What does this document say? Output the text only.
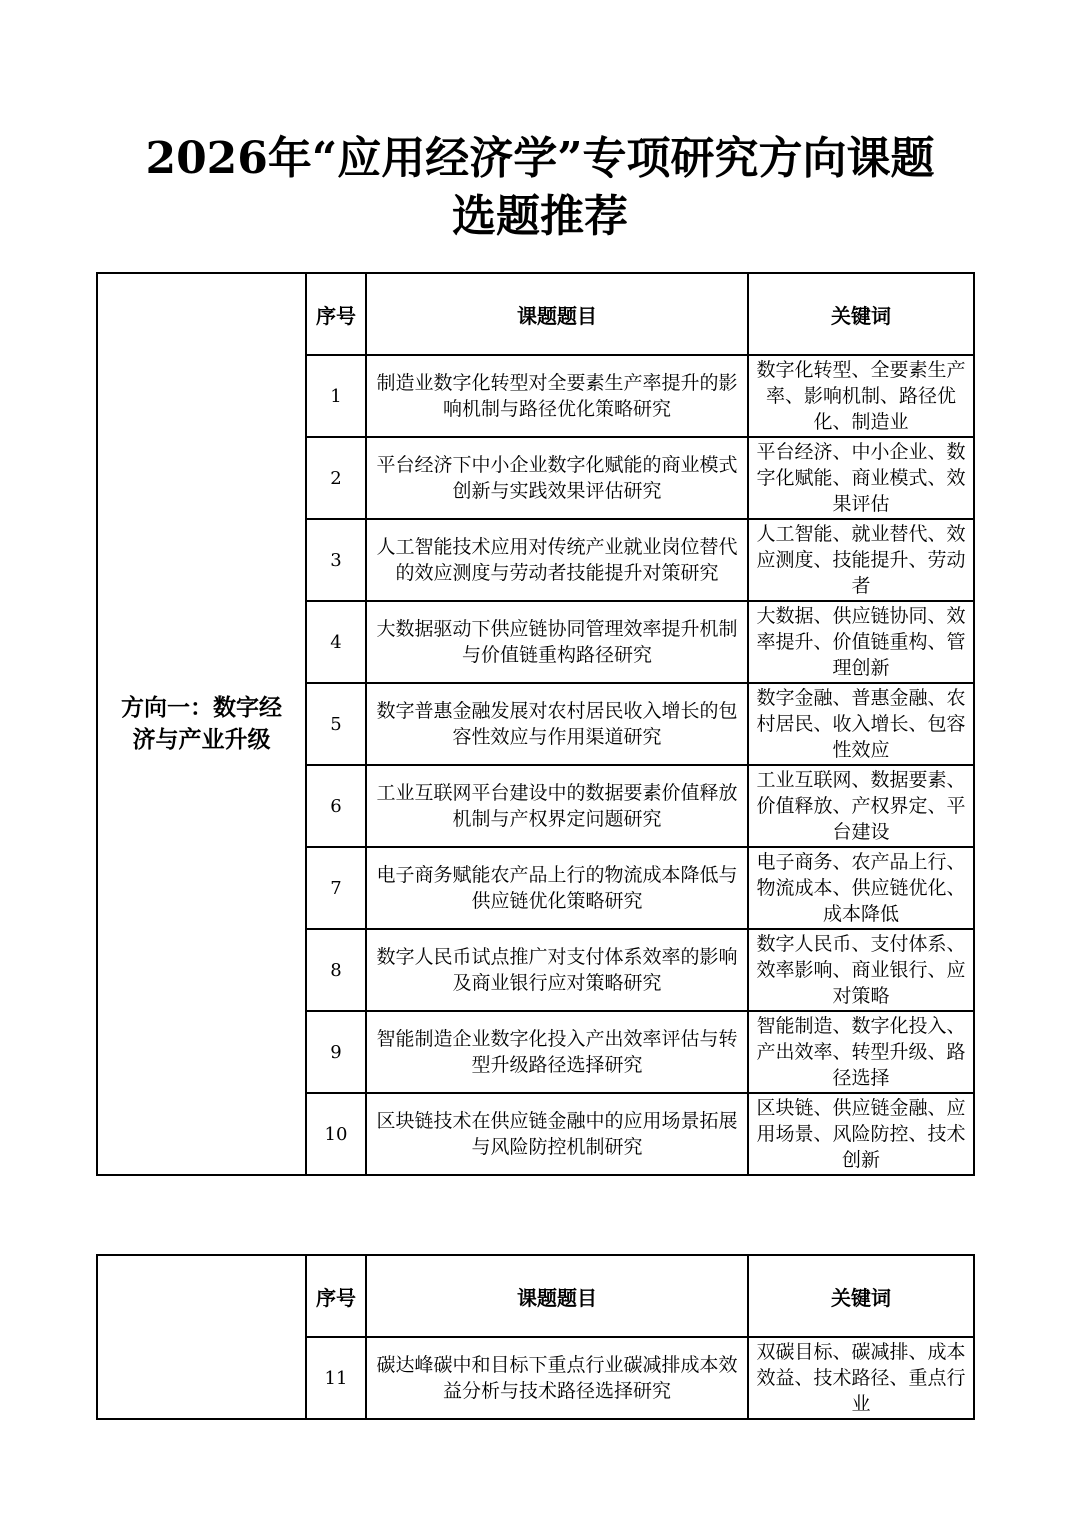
2026年“应用经济学”专项研究方向课题
选题推荐
方向一：数字经济与产业升级	序号	课题题目	关键词
	1	制造业数字化转型对全要素生产率提升的影响机制与路径优化策略研究	数字化转型、全要素生产率、影响机制、路径优化、制造业
	2	平台经济下中小企业数字化赋能的商业模式创新与实践效果评估研究	平台经济、中小企业、数字化赋能、商业模式、效果评估
	3	人工智能技术应用对传统产业就业岗位替代的效应测度与劳动者技能提升对策研究	人工智能、就业替代、效应测度、技能提升、劳动者
	4	大数据驱动下供应链协同管理效率提升机制与价值链重构路径研究	大数据、供应链协同、效率提升、价值链重构、管理创新
	5	数字普惠金融发展对农村居民收入增长的包容性效应与作用渠道研究	数字金融、普惠金融、农村居民、收入增长、包容性效应
	6	工业互联网平台建设中的数据要素价值释放机制与产权界定问题研究	工业互联网、数据要素、价值释放、产权界定、平台建设
	7	电子商务赋能农产品上行的物流成本降低与供应链优化策略研究	电子商务、农产品上行、物流成本、供应链优化、成本降低
	8	数字人民币试点推广对支付体系效率的影响及商业银行应对策略研究	数字人民币、支付体系、效率影响、商业银行、应对策略
	9	智能制造企业数字化投入产出效率评估与转型升级路径选择研究	智能制造、数字化投入、产出效率、转型升级、路径选择
	10	区块链技术在供应链金融中的应用场景拓展与风险防控机制研究	区块链、供应链金融、应用场景、风险防控、技术创新
	序号	课题题目	关键词
	11	碳达峰碳中和目标下重点行业碳减排成本效益分析与技术路径选择研究	双碳目标、碳减排、成本效益、技术路径、重点行业
